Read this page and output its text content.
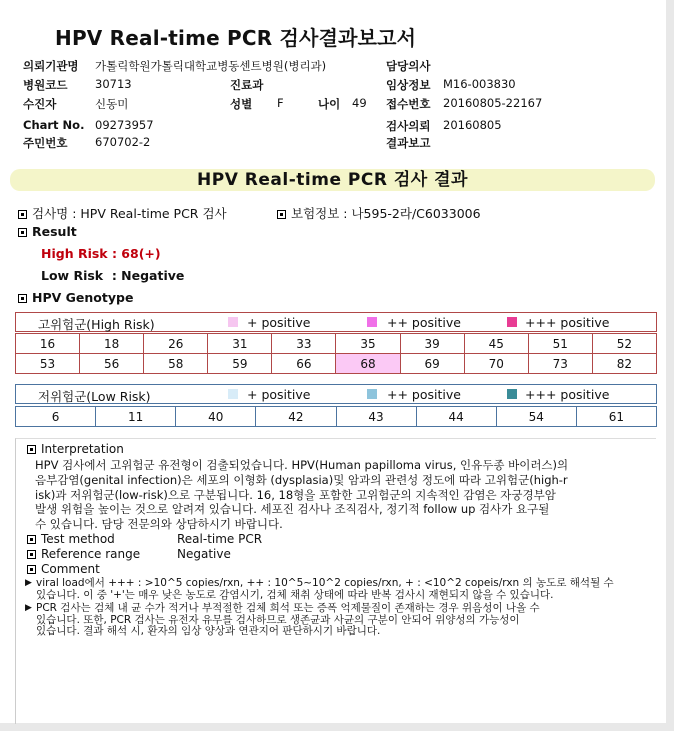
HPV Real-time PCR 검사결과보고서
의뢰기관명 가톨릭학원가톨릭대학교병동센트병원(병리과)	담당의사
병원코드 30713	진료과	임상정보 M16-003830
수진자	신동미	성별 F	나이 49 접수번호 20160805-22167
Chart No. 09273957	검사의뢰 20160805
주민번호 670702-2	결과보고
HPV Real-time PCR 검사 결과
검사명 : HPV Real-time PCR 검사	보험정보 : 나595-2라/C6033006
Result
High Risk : 68(+)
Low Risk  : Negative
HPV Genotype
고위험군(High Risk)	+ positive	++ positive	+++ positive
16	18	26	31	33	35	39	45	51	52
53	56	58	59	66	68	69	70	73	82
저위험군(Low Risk)	+ positive	++ positive	+++ positive
6	11	40	42	43	44	54	61
Interpretation
HPV 검사에서 고위험군 유전형이 검출되었습니다. HPV(Human papilloma virus, 인유두종 바이러스)의
음부감염(genital infection)은 세포의 이형화 (dysplasia)및 암과의 관련성 정도에 따라 고위험군(high-r
isk)과 저위험군(low-risk)으로 구분됩니다. 16, 18형을 포함한 고위험군의 지속적인 감염은 자궁경부암
발생 위험을 높이는 것으로 알려져 있습니다. 세포진 검사나 조직검사, 정기적 follow up 검사가 요구될
수 있습니다. 담당 전문의와 상담하시기 바랍니다.
Test method	Real-time PCR
Reference range	Negative
Comment
▶ viral load에서 +++ : >10^5 copies/rxn, ++ : 10^5~10^2 copies/rxn, + : <10^2 copeis/rxn 의 농도로 해석될 수
있습니다. 이 중 '+'는 매우 낮은 농도로 감염시기, 검체 채취 상태에 따라 반복 검사시 재현되지 않을 수 있습니다.
▶ PCR 검사는 검체 내 균 수가 적거나 부적절한 검체 희석 또는 증폭 억제물질이 존재하는 경우 위음성이 나올 수
있습니다. 또한, PCR 검사는 유전자 유무를 검사하므로 생존균과 사균의 구분이 안되어 위양성의 가능성이
있습니다. 결과 해석 시, 환자의 임상 양상과 연관지어 판단하시기 바랍니다.
